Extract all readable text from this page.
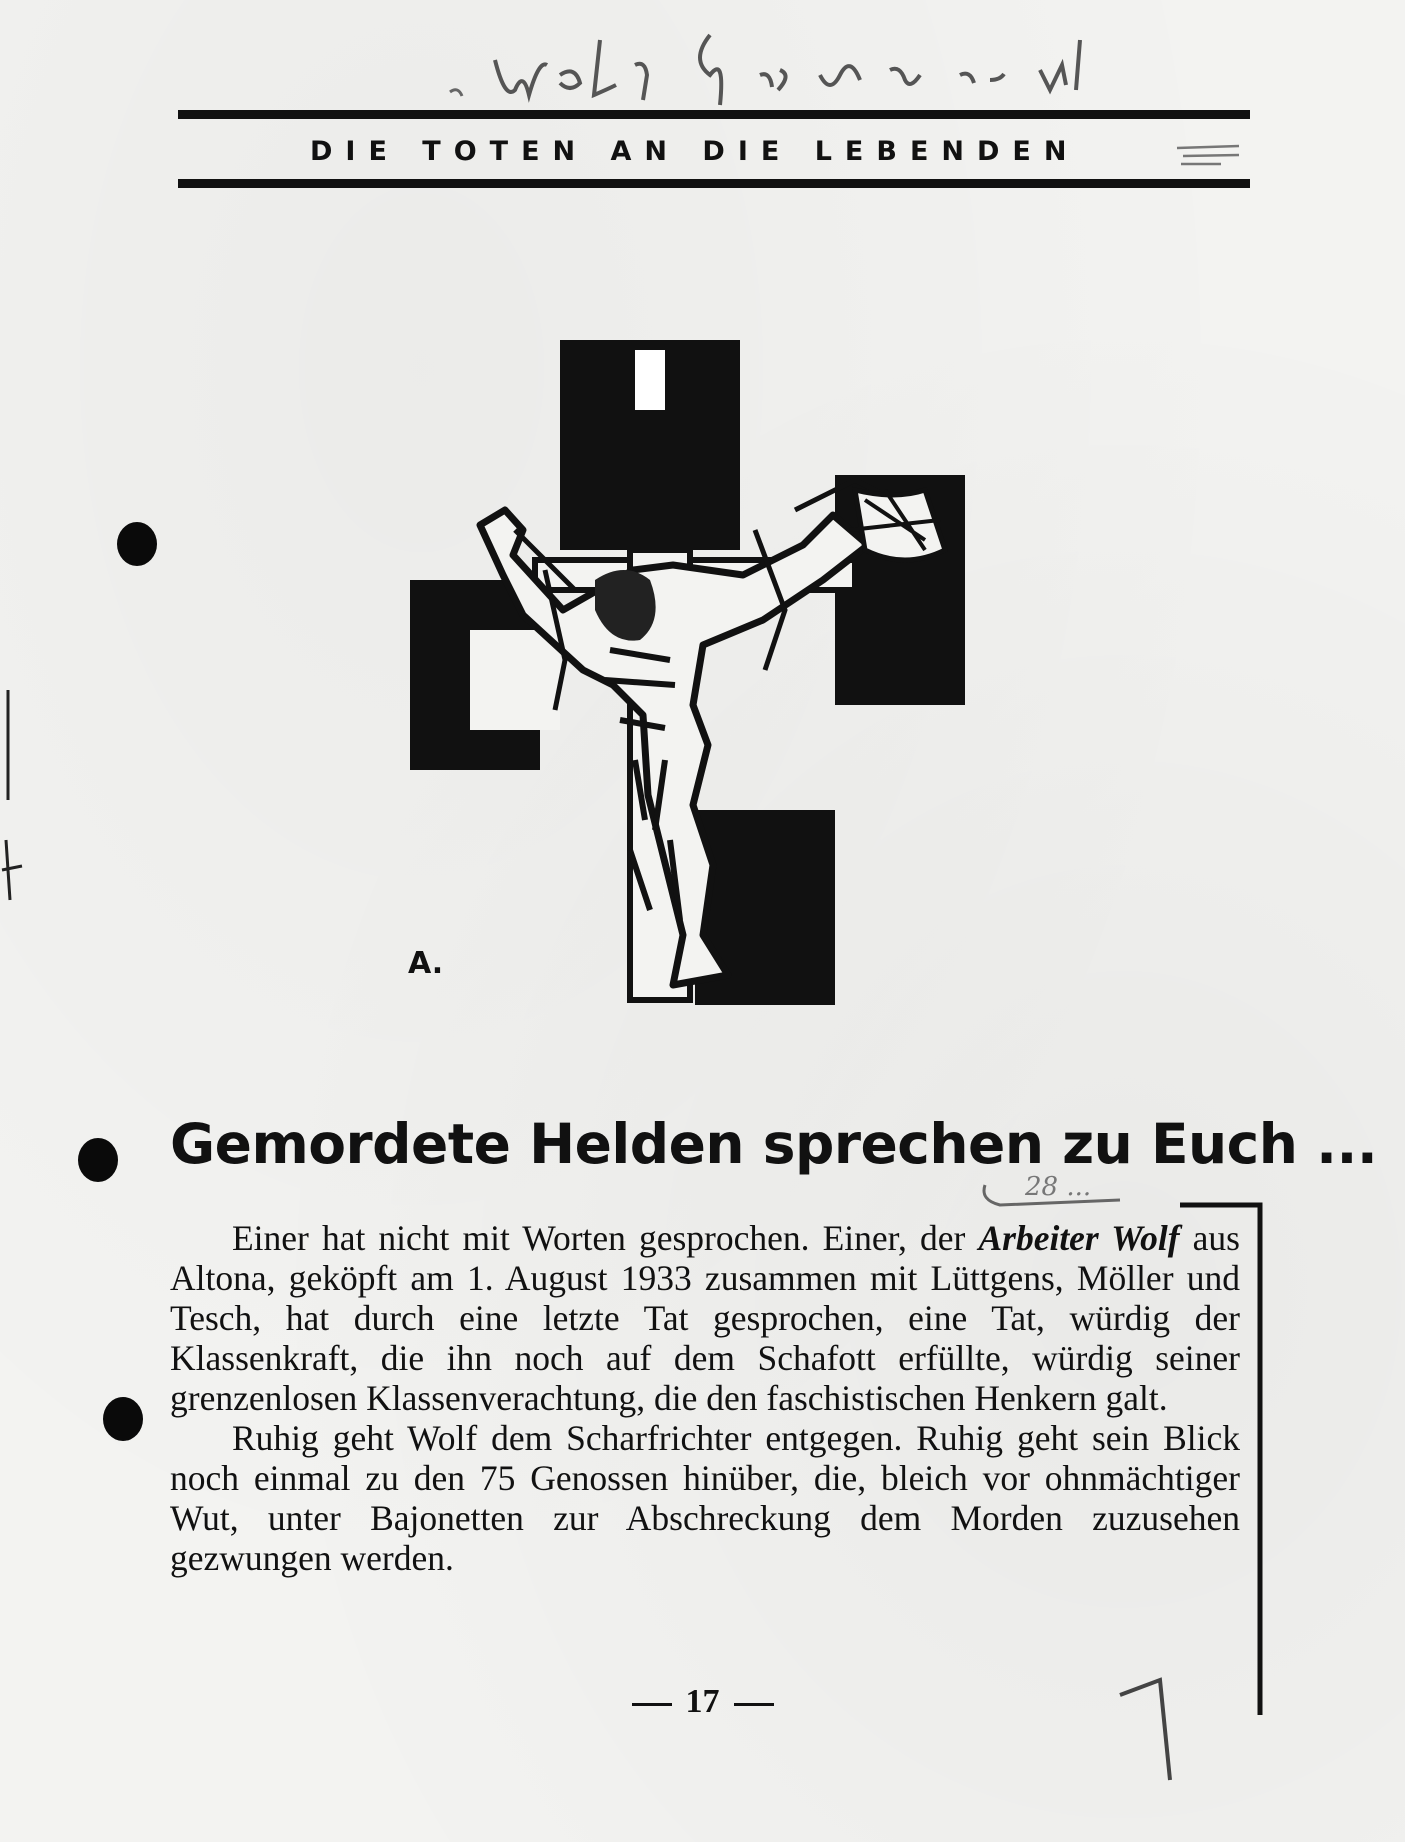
DIE TOTEN AN DIE LEBENDEN
A.
Gemordete Helden sprechen zu Euch ...
28 ...

Einer hat nicht mit Worten gesprochen. Einer, der Arbeiter Wolf aus Altona, geköpft am 1. August 1933 zusammen mit Lüttgens, Möller und Tesch, hat durch eine letzte Tat gesprochen, eine Tat, würdig der Klassenkraft, die ihn noch auf dem Schafott erfüllte, würdig seiner grenzenlosen Klassenverachtung, die den faschistischen Henkern galt.

Ruhig geht Wolf dem Scharfrichter entgegen. Ruhig geht sein Blick noch einmal zu den 75 Genossen hinüber, die, bleich vor ohnmächtiger Wut, unter Bajonetten zur Abschreckung dem Morden zuzusehen gezwungen werden.

17
